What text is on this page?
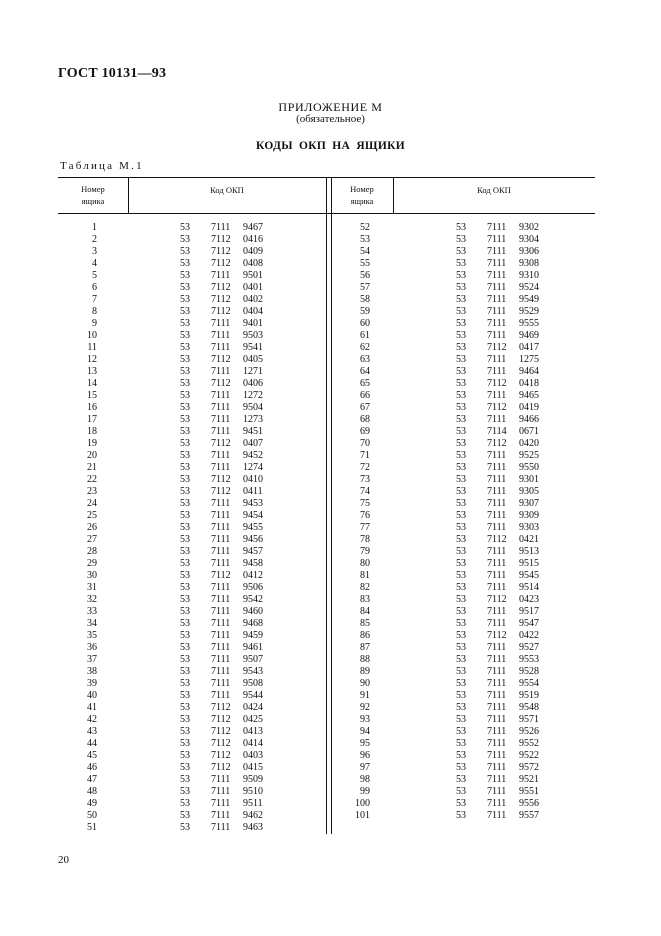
ГОСТ 10131—93
ПРИЛОЖЕНИЕ М
(обязательное)
КОДЫ ОКП НА ЯЩИКИ
Таблица М.1
Номер
ящика
Код ОКП	Номер
ящика
Код ОКП
1	53 7111 9467
2	53 7112 0416
3	53 7112 0409
4	53 7112 0408
5	53 7111 9501
6	53 7112 0401
7	53 7112 0402
8	53 7112 0404
9	53 7111 9401
10	53 7111 9503
11	53 7111 9541
12	53 7112 0405
13	53 7111 1271
14	53 7112 0406
15	53 7111 1272
16	53 7111 9504
17	53 7111 1273
18	53 7111 9451
19	53 7112 0407
20	53 7111 9452
21	53 7111 1274
22	53 7112 0410
23	53 7112 0411
24	53 7111 9453
25	53 7111 9454
26	53 7111 9455
27	53 7111 9456
28	53 7111 9457
29	53 7111 9458
30	53 7112 0412
31	53 7111 9506
32	53 7111 9542
33	53 7111 9460
34	53 7111 9468
35	53 7111 9459
36	53 7111 9461
37	53 7111 9507
38	53 7111 9543
39	53 7111 9508
40	53 7111 9544
41	53 7112 0424
42	53 7112 0425
43	53 7112 0413
44	53 7112 0414
45	53 7112 0403
46	53 7112 0415
47	53 7111 9509
48	53 7111 9510
49	53 7111 9511
50	53 7111 9462
51	53 7111 9463
52	53 7111 9302
53	53 7111 9304
54	53 7111 9306
55	53 7111 9308
56	53 7111 9310
57	53 7111 9524
58	53 7111 9549
59	53 7111 9529
60	53 7111 9555
61	53 7111 9469
62	53 7112 0417
63	53 7111 1275
64	53 7111 9464
65	53 7112 0418
66	53 7111 9465
67	53 7112 0419
68	53 7111 9466
69	53 7114 0671
70	53 7112 0420
71	53 7111 9525
72	53 7111 9550
73	53 7111 9301
74	53 7111 9305
75	53 7111 9307
76	53 7111 9309
77	53 7111 9303
78	53 7112 0421
79	53 7111 9513
80	53 7111 9515
81	53 7111 9545
82	53 7111 9514
83	53 7112 0423
84	53 7111 9517
85	53 7111 9547
86	53 7112 0422
87	53 7111 9527
88	53 7111 9553
89	53 7111 9528
90	53 7111 9554
91	53 7111 9519
92	53 7111 9548
93	53 7111 9571
94	53 7111 9526
95	53 7111 9552
96	53 7111 9522
97	53 7111 9572
98	53 7111 9521
99	53 7111 9551
100	53 7111 9556
101	53 7111 9557
20
